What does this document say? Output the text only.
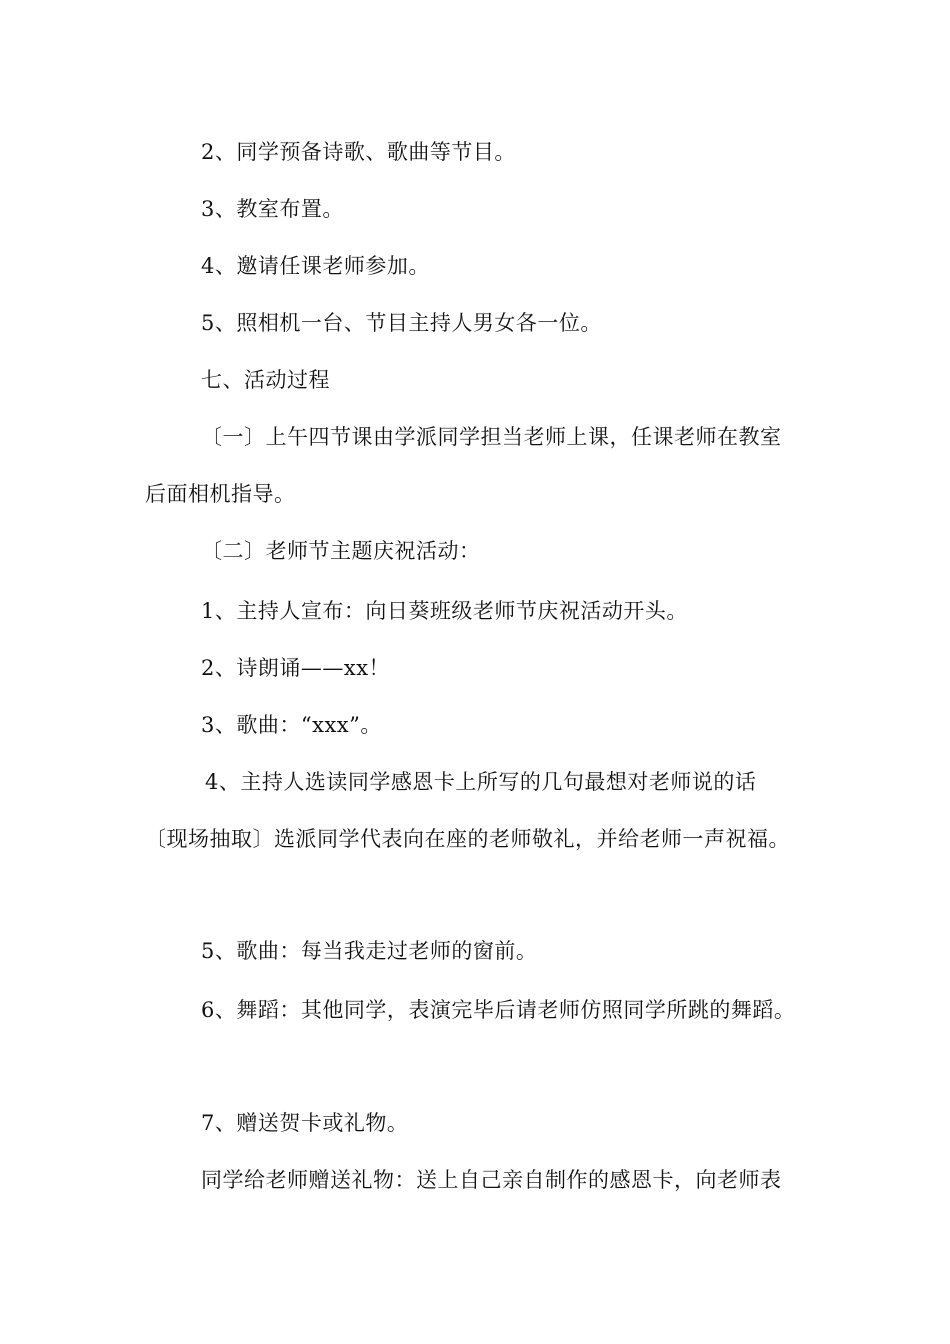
2、同学预备诗歌、歌曲等节目。
3、教室布置。
4、邀请任课老师参加。
5、照相机一台、节目主持人男女各一位。
七、活动过程
〔一〕上午四节课由学派同学担当老师上课，任课老师在教室
后面相机指导。
〔二〕老师节主题庆祝活动：
1、主持人宣布：向日葵班级老师节庆祝活动开头。
2、诗朗诵——xx！
3、歌曲：“xxx”。
4、主持人选读同学感恩卡上所写的几句最想对老师说的话
〔现场抽取〕选派同学代表向在座的老师敬礼，并给老师一声祝福。
5、歌曲：每当我走过老师的窗前。
6、舞蹈：其他同学，表演完毕后请老师仿照同学所跳的舞蹈。
7、赠送贺卡或礼物。
同学给老师赠送礼物：送上自己亲自制作的感恩卡，向老师表
